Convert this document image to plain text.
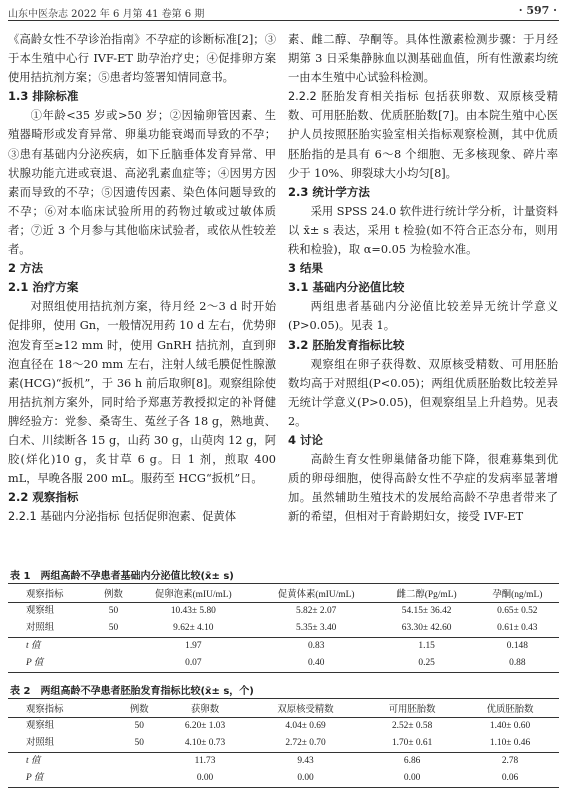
山东中医杂志 2022 年 6 月第 41 卷第 6 期	· 597 ·

《高龄女性不孕诊治指南》不孕症的诊断标准[2]；③于本生殖中心行 IVF-ET 助孕治疗史；④促排卵方案使用拮抗剂方案；⑤患者均签署知情同意书。

1.3 排除标准

①年龄<35 岁或>50 岁；②因输卵管因素、生殖器畸形或发育异常、卵巢功能衰竭而导致的不孕；③患有基础内分泌疾病，如下丘脑垂体发育异常、甲状腺功能亢进或衰退、高泌乳素血症等；④因男方因素而导致的不孕；⑤因遗传因素、染色体问题导致的不孕；⑥对本临床试验所用的药物过敏或过敏体质者；⑦近 3 个月参与其他临床试验者，或依从性较差者。

2 方法
2.1 治疗方案

对照组使用拮抗剂方案，待月经 2～3 d 时开始促排卵，使用 Gn，一般情况用药 10 d 左右，优势卵泡发育至≥12 mm 时，使用 GnRH 拮抗剂，直到卵泡直径在 18～20 mm 左右，注射人绒毛膜促性腺激素(HCG)“扳机”，于 36 h 前后取卵[8]。观察组除使用拮抗剂方案外，同时给予郑惠芳教授拟定的补肾健脾经验方：党参、桑寄生、菟丝子各 18 g，熟地黄、白术、川续断各 15 g，山药 30 g，山萸肉 12 g，阿胶(烊化)10 g，炙甘草 6 g。日 1 剂，煎取 400 mL，早晚各服 200 mL。服药至 HCG“扳机”日。

2.2 观察指标

2.2.1 基础内分泌指标 包括促卵泡素、促黄体

素、雌二醇、孕酮等。具体性激素检测步骤：于月经期第 3 日采集静脉血以测基础血值，所有性激素均统一由本生殖中心试验科检测。

2.2.2 胚胎发育相关指标 包括获卵数、双原核受精数、可用胚胎数、优质胚胎数[7]。由本院生殖中心医护人员按照胚胎实验室相关指标观察检测，其中优质胚胎指的是具有 6～8 个细胞、无多核现象、碎片率少于 10%、卵裂球大小均匀[8]。

2.3 统计学方法

采用 SPSS 24.0 软件进行统计学分析，计量资料以 x̄± s 表达，采用 t 检验(如不符合正态分布，则用秩和检验)，取 α=0.05 为检验水准。

3 结果
3.1 基础内分泌值比较

两组患者基础内分泌值比较差异无统计学意义(P>0.05)。见表 1。

3.2 胚胎发育指标比较

观察组在卵子获得数、双原核受精数、可用胚胎数均高于对照组(P<0.05)；两组优质胚胎数比较差异无统计学意义(P>0.05)，但观察组呈上升趋势。见表 2。

4 讨论

高龄生育女性卵巢储备功能下降，很难募集到优质的卵母细胞，使得高龄女性不孕症的发病率显著增加。虽然辅助生殖技术的发展给高龄不孕患者带来了新的希望，但相对于育龄期妇女，接受 IVF-ET

表 1　两组高龄不孕患者基础内分泌值比较(x̄± s)
观察指标	例数	促卵泡素(mIU/mL)	促黄体素(mIU/mL)	雌二醇(Pg/mL)	孕酮(ng/mL)
观察组	50	10.43± 5.80	5.82± 2.07	54.15± 36.42	0.65± 0.52
对照组	50	9.62± 4.10	5.35± 3.40	63.30± 42.60	0.61± 0.43
t 值		1.97	0.83	1.15	0.148
P 值		0.07	0.40	0.25	0.88
表 2　两组高龄不孕患者胚胎发育指标比较(x̄± s，个)
观察指标	例数	获卵数	双原核受精数	可用胚胎数	优质胚胎数
观察组	50	6.20± 1.03	4.04± 0.69	2.52± 0.58	1.40± 0.60
对照组	50	4.10± 0.73	2.72± 0.70	1.70± 0.61	1.10± 0.46
t 值		11.73	9.43	6.86	2.78
P 值		0.00	0.00	0.00	0.06
